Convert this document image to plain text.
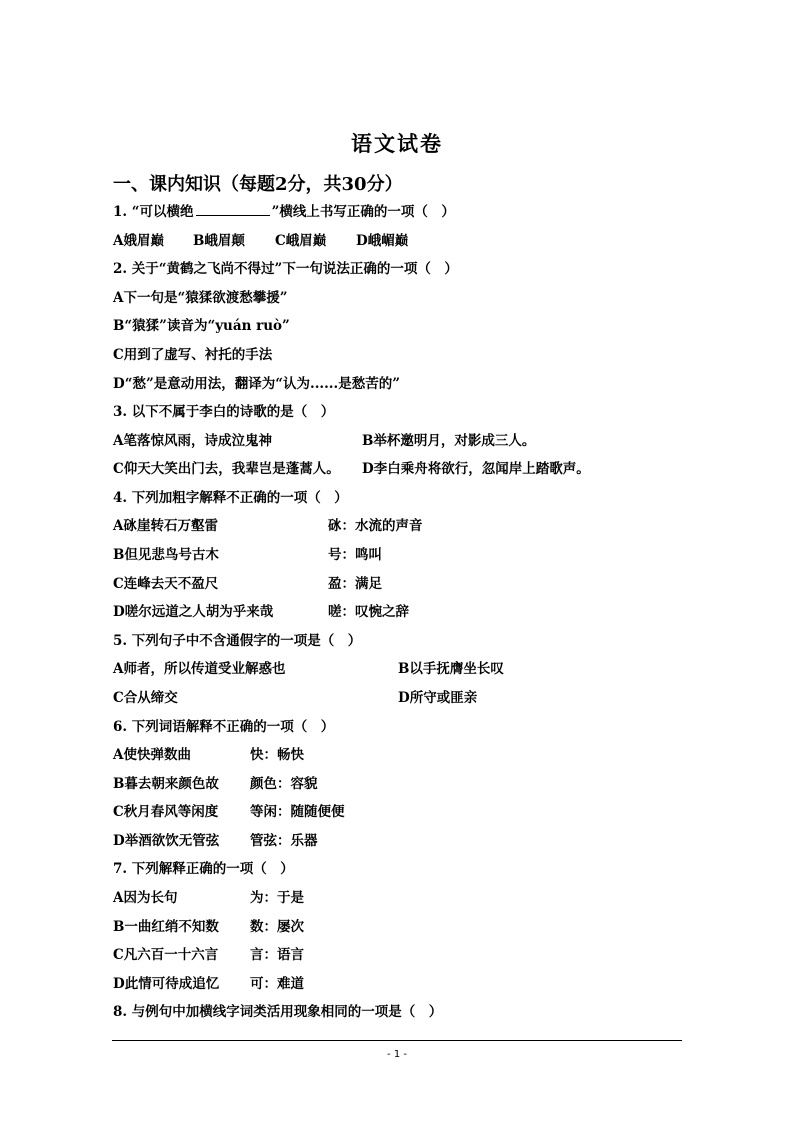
语文试卷
一、课内知识（每题2分，共30分）
1. “可以横绝	”横线上书写正确的一项（　）
A娥眉巅 B峨眉颠 C峨眉巅 D峨嵋巅
2. 关于“黄鹤之飞尚不得过”下一句说法正确的一项（　）
A下一句是“猿猱欲渡愁攀援”
B“猿猱”读音为“yuán ruò”
C用到了虚写、衬托的手法
D“愁”是意动用法，翻译为“认为......是愁苦的”
3. 以下不属于李白的诗歌的是（　）
A笔落惊风雨，诗成泣鬼神	B举杯邀明月，对影成三人。
C仰天大笑出门去，我辈岂是蓬蒿人。 D李白乘舟将欲行，忽闻岸上踏歌声。
4. 下列加粗字解释不正确的一项（　）
A砯崖转石万壑雷	砯：水流的声音
B但见悲鸟号古木	号：鸣叫
C连峰去天不盈尺	盈：满足
D嗟尔远道之人胡为乎来哉	嗟：叹惋之辞
5. 下列句子中不含通假字的一项是（　）
A师者，所以传道受业解惑也	B以手抚膺坐长叹
C合从缔交	D所守或匪亲
6. 下列词语解释不正确的一项（　）
A使快弹数曲	快：畅快
B暮去朝来颜色故 颜色：容貌
C秋月春风等闲度 等闲：随随便便
D举酒欲饮无管弦 管弦：乐器
7. 下列解释正确的一项（　）
A因为长句	为：于是
B一曲红绡不知数 数：屡次
C凡六百一十六言 言：语言
D此情可待成追忆 可：难道
8. 与例句中加横线字词类活用现象相同的一项是（　）
- 1 -
